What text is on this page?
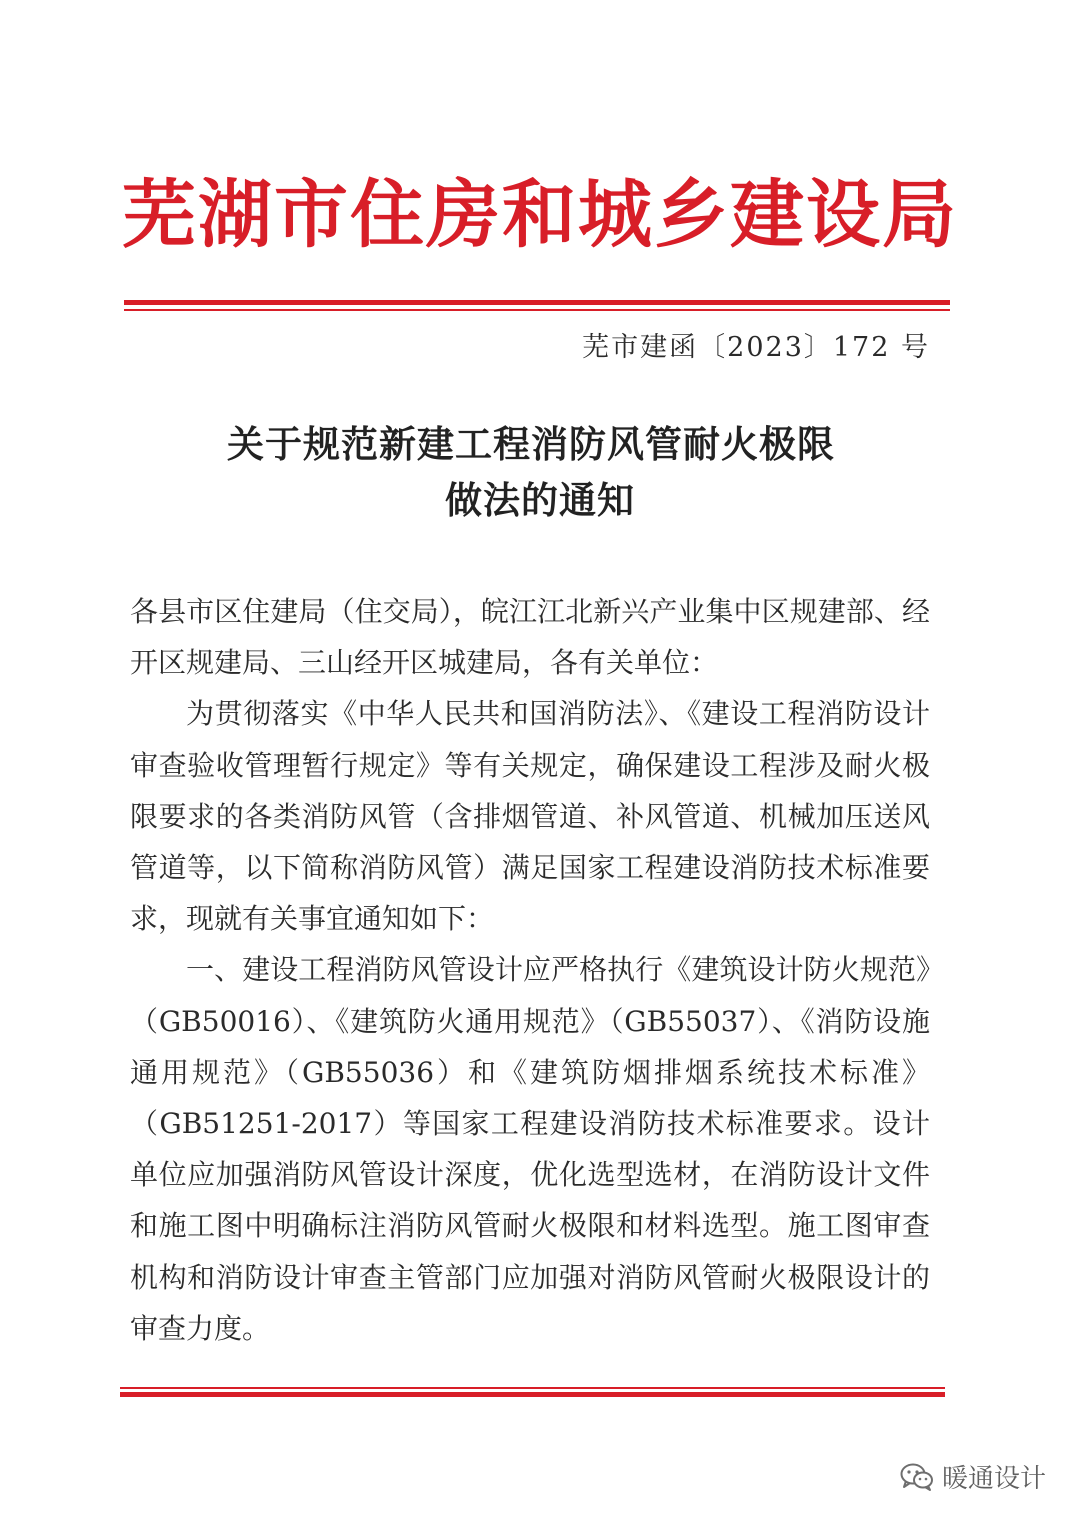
芜湖市住房和城乡建设局
芜市建函〔2023〕172 号
关于规范新建工程消防风管耐火极限
做法的通知

各县市区住建局（住交局），皖江江北新兴产业集中区规建部、经开区规建局、三山经开区城建局，各有关单位：

为贯彻落实《中华人民共和国消防法》、《建设工程消防设计审查验收管理暂行规定》等有关规定，确保建设工程涉及耐火极限要求的各类消防风管（含排烟管道、补风管道、机械加压送风管道等，以下简称消防风管）满足国家工程建设消防技术标准要求，现就有关事宜通知如下：

一、建设工程消防风管设计应严格执行《建筑设计防火规范》（GB50016）、《建筑防火通用规范》（GB55037）、《消防设施通用规范》（GB55036）和《建筑防烟排烟系统技术标准》（GB51251-2017）等国家工程建设消防技术标准要求。设计单位应加强消防风管设计深度，优化选型选材，在消防设计文件和施工图中明确标注消防风管耐火极限和材料选型。施工图审查机构和消防设计审查主管部门应加强对消防风管耐火极限设计的审查力度。

暖通设计
